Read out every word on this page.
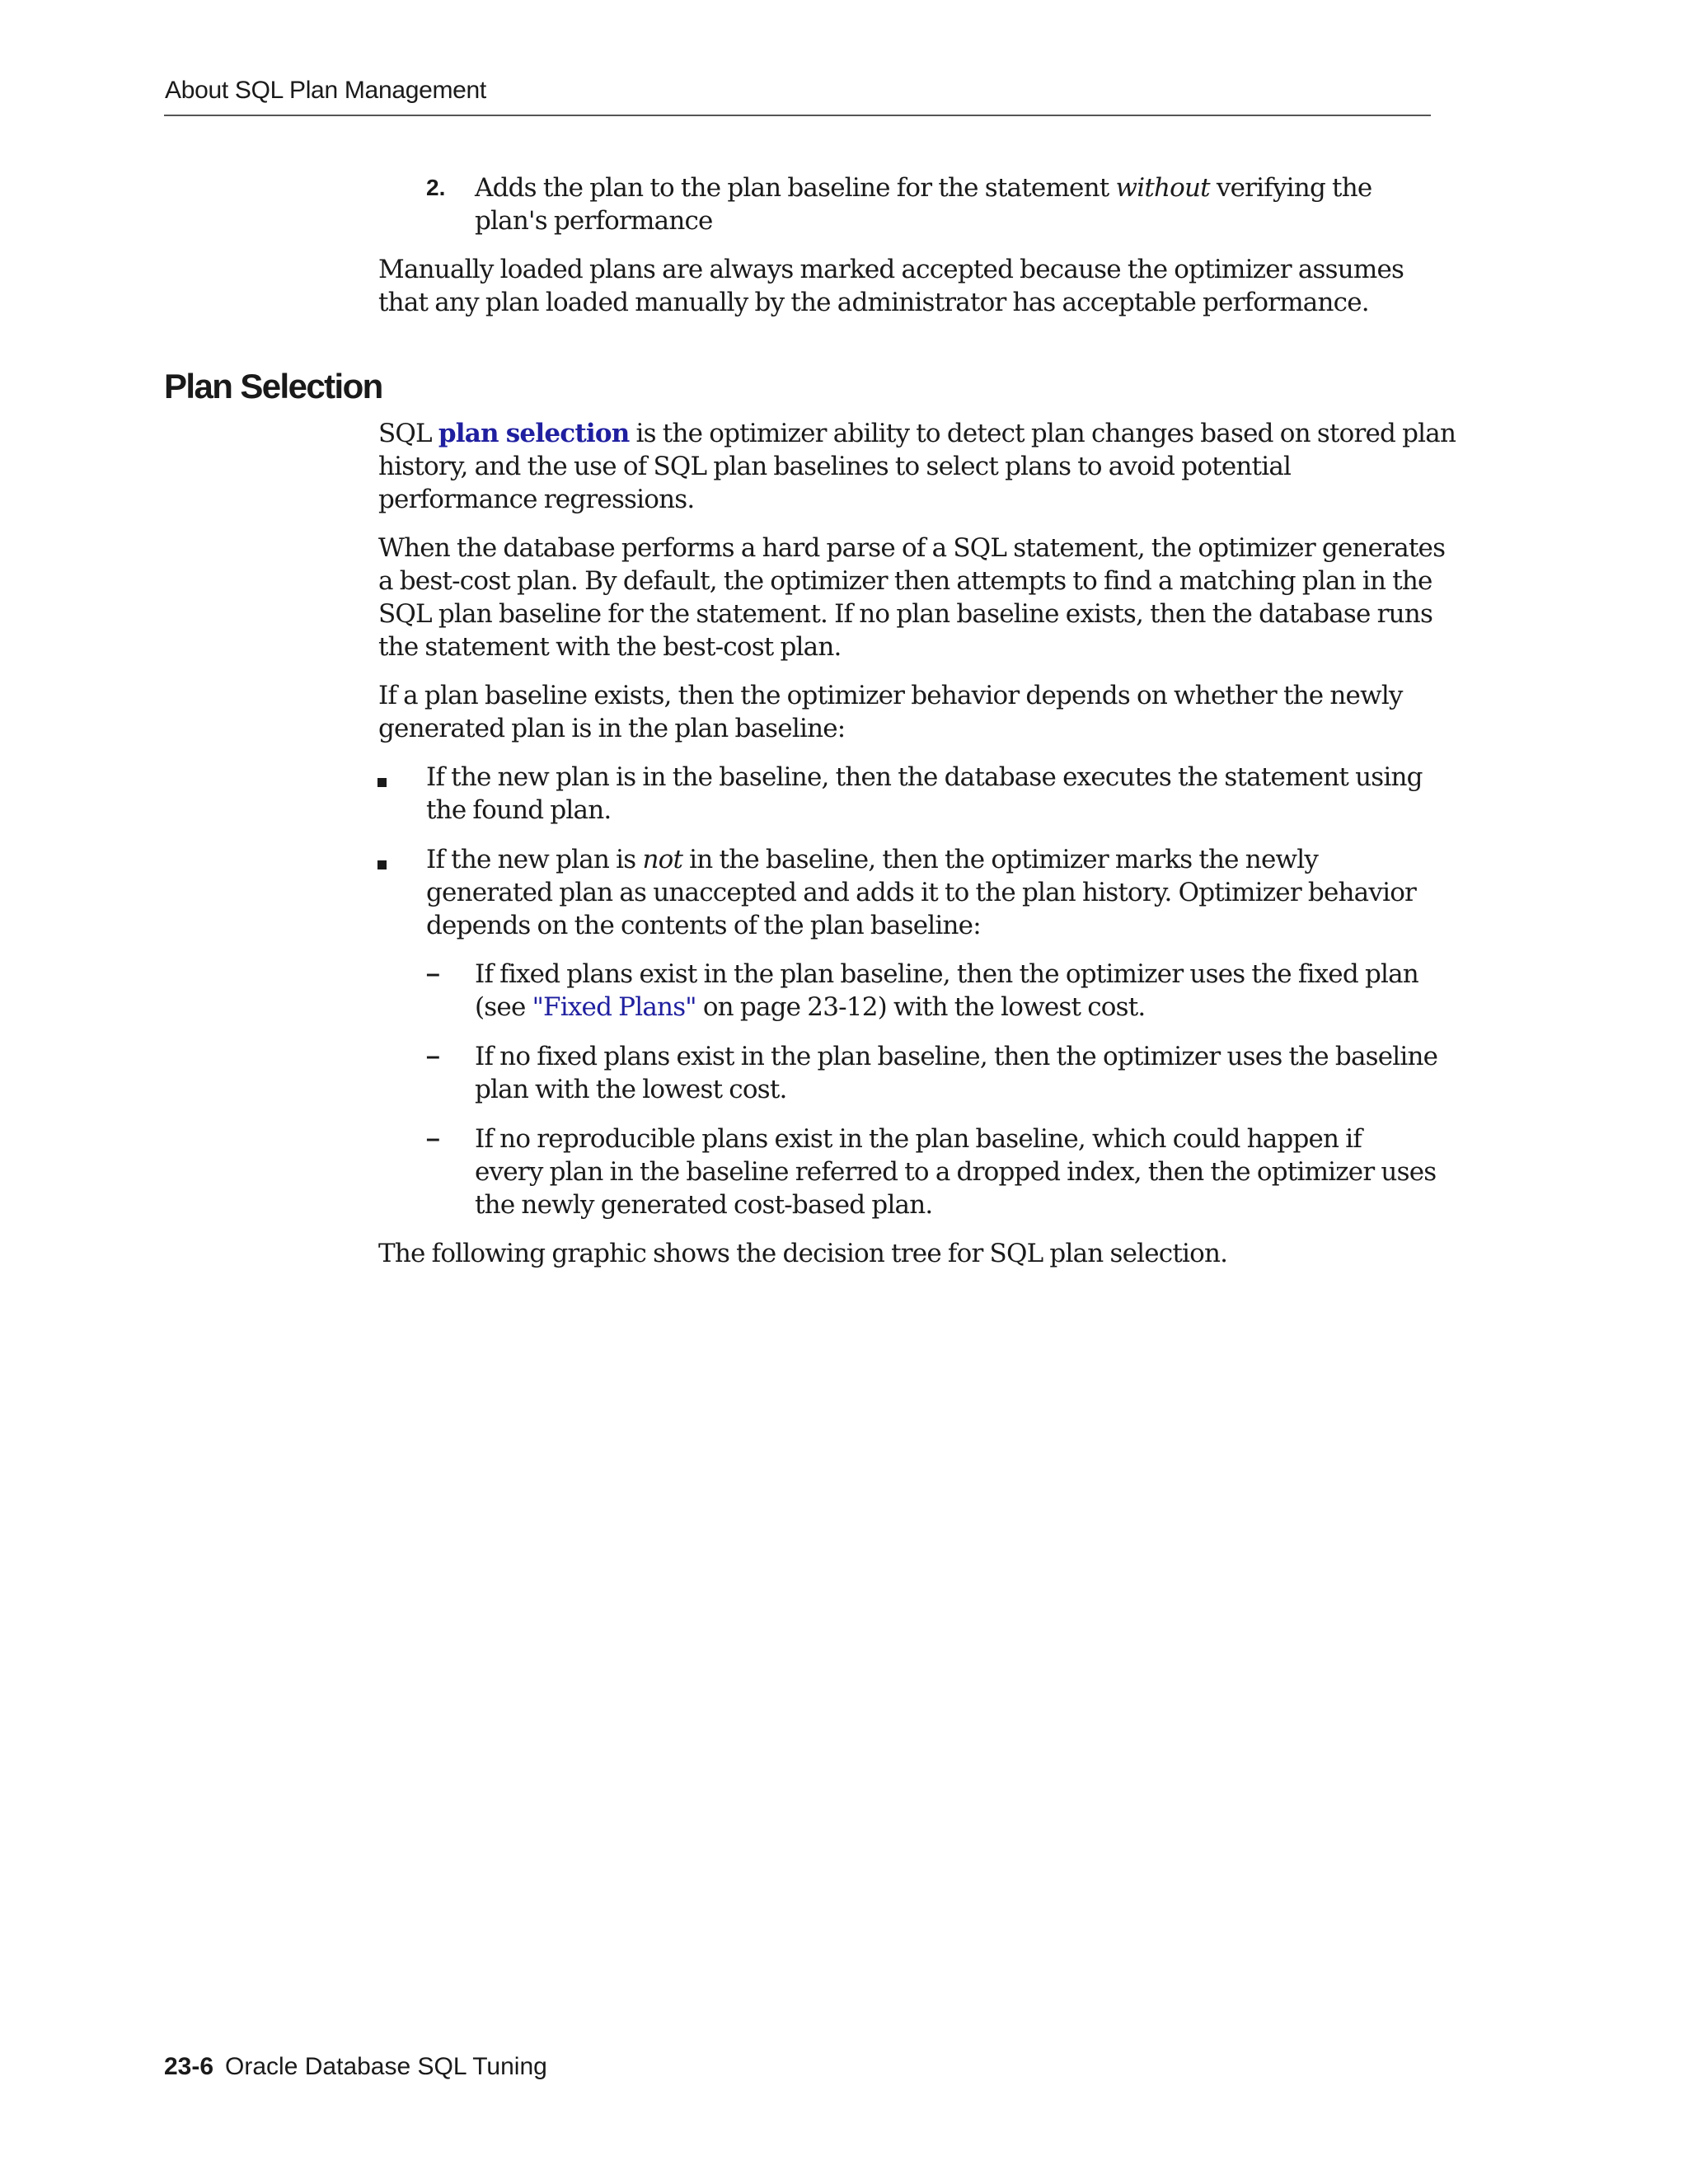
About SQL Plan Management
2. Adds the plan to the plan baseline for the statement without verifying the
plan's performance
Manually loaded plans are always marked accepted because the optimizer assumes
that any plan loaded manually by the administrator has acceptable performance.
Plan Selection
SQL plan selection is the optimizer ability to detect plan changes based on stored plan
history, and the use of SQL plan baselines to select plans to avoid potential
performance regressions.
When the database performs a hard parse of a SQL statement, the optimizer generates
a best-cost plan. By default, the optimizer then attempts to find a matching plan in the
SQL plan baseline for the statement. If no plan baseline exists, then the database runs
the statement with the best-cost plan.
If a plan baseline exists, then the optimizer behavior depends on whether the newly
generated plan is in the plan baseline:
If the new plan is in the baseline, then the database executes the statement using
the found plan.
If the new plan is not in the baseline, then the optimizer marks the newly
generated plan as unaccepted and adds it to the plan history. Optimizer behavior
depends on the contents of the plan baseline:
– If fixed plans exist in the plan baseline, then the optimizer uses the fixed plan
(see "Fixed Plans" on page 23-12) with the lowest cost.
– If no fixed plans exist in the plan baseline, then the optimizer uses the baseline
plan with the lowest cost.
– If no reproducible plans exist in the plan baseline, which could happen if
every plan in the baseline referred to a dropped index, then the optimizer uses
the newly generated cost-based plan.
The following graphic shows the decision tree for SQL plan selection.
23-6 Oracle Database SQL Tuning
